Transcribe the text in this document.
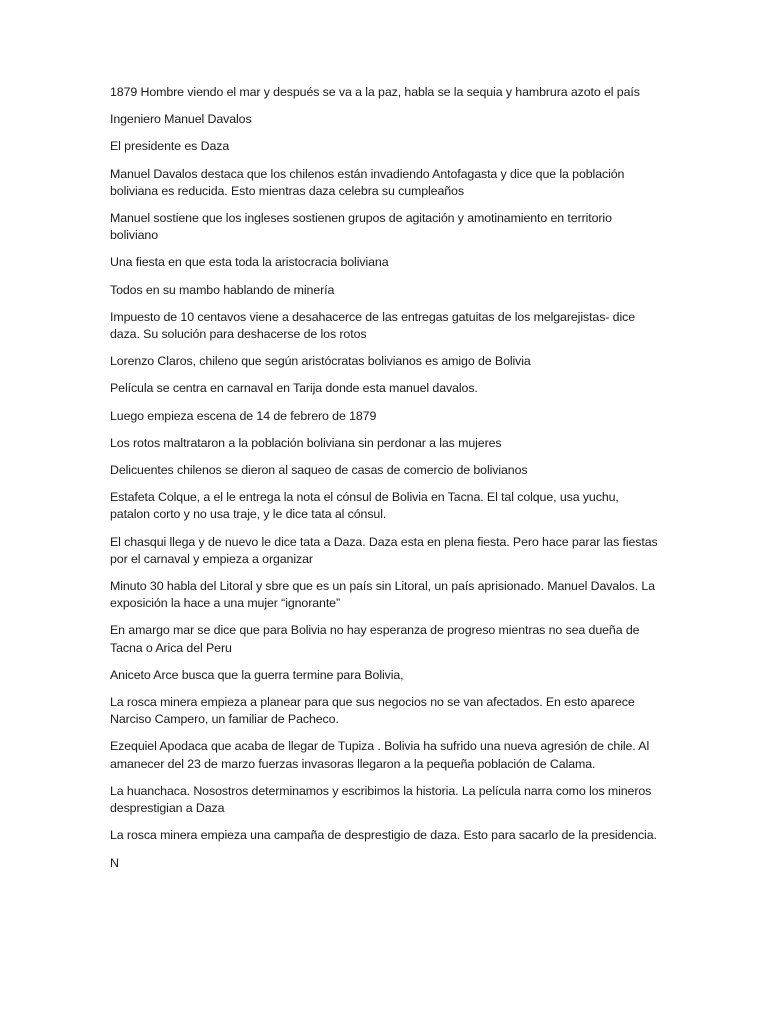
1879 Hombre viendo el mar y después se va a la paz, habla se la sequia y hambrura azoto el país

Ingeniero Manuel Davalos

El presidente es Daza

Manuel Davalos destaca que los chilenos están invadiendo Antofagasta y dice que la población boliviana es reducida. Esto mientras daza celebra su cumpleaños

Manuel sostiene que los ingleses sostienen grupos de agitación y amotinamiento en territorio boliviano

Una fiesta en que esta toda la aristocracia boliviana

Todos en su mambo hablando de minería

Impuesto de 10 centavos viene a desahacerce de las entregas gatuitas de los melgarejistas- dice daza. Su solución para deshacerse de los rotos

Lorenzo Claros, chileno que según aristócratas bolivianos es amigo de Bolivia

Película se centra en carnaval en Tarija donde esta manuel davalos.

Luego empieza escena de 14 de febrero de 1879

Los rotos maltrataron a la población boliviana sin perdonar a las mujeres

Delicuentes chilenos se dieron al saqueo de casas de comercio de bolivianos

Estafeta Colque, a el le entrega la nota el cónsul de Bolivia en Tacna. El tal colque, usa yuchu, patalon corto y no usa traje, y le dice tata al cónsul.

El chasqui llega y de nuevo le dice tata a Daza. Daza esta en plena fiesta. Pero hace parar las fiestas por el carnaval y empieza a organizar

Minuto 30 habla del Litoral y sbre que es un país sin Litoral, un país aprisionado. Manuel Davalos. La exposición la hace a una mujer “ignorante”

En amargo mar se dice que para Bolivia no hay esperanza de progreso mientras no sea dueña de Tacna o Arica del Peru

Aniceto Arce busca que la guerra termine para Bolivia,

La rosca minera empieza a planear para que sus negocios no se van afectados. En esto aparece Narciso Campero, un familiar de Pacheco.

Ezequiel Apodaca que acaba de llegar de Tupiza . Bolivia ha sufrido una nueva agresión de chile. Al amanecer del 23 de marzo fuerzas invasoras llegaron a la pequeña población de Calama.

La huanchaca. Nosostros determinamos y escribimos la historia. La película narra como los mineros desprestigian a Daza

La rosca minera empieza una campaña de desprestigio de daza. Esto para sacarlo de la presidencia.

N
